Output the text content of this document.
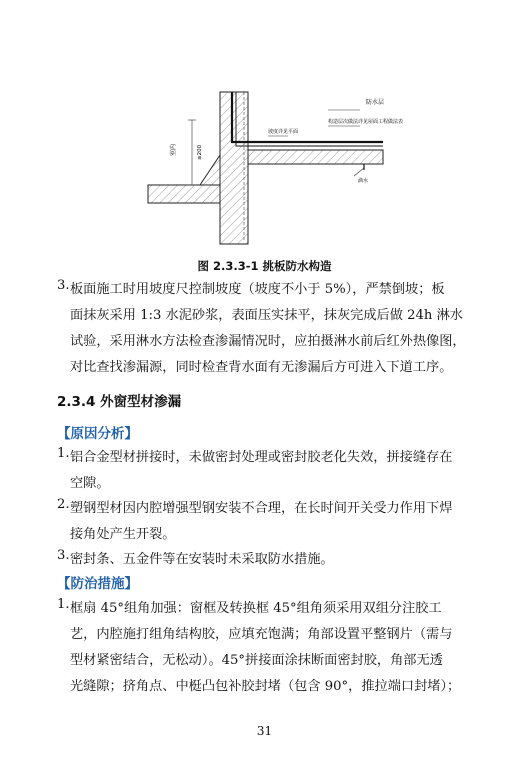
防水层
构造层次做法详见屋面工程做法表
坡度详见平面
滴水
≥200
室内
图 2.3.3-1 挑板防水构造
3. 板面施工时用坡度尺控制坡度（坡度不小于 5%），严禁倒坡；板
面抹灰采用 1:3 水泥砂浆，表面压实抹平，抹灰完成后做 24h 淋水
试验，采用淋水方法检查渗漏情况时，应拍摄淋水前后红外热像图，
对比查找渗漏源，同时检查背水面有无渗漏后方可进入下道工序。
2.3.4 外窗型材渗漏
【原因分析】
1. 铝合金型材拼接时，未做密封处理或密封胶老化失效，拼接缝存在
空隙。
2. 塑钢型材因内腔增强型钢安装不合理，在长时间开关受力作用下焊
接角处产生开裂。
3. 密封条、五金件等在安装时未采取防水措施。
【防治措施】
1. 框扇 45°组角加强：窗框及转换框 45°组角须采用双组分注胶工
艺，内腔施打组角结构胶，应填充饱满；角部设置平整钢片（需与
型材紧密结合，无松动）。45°拼接面涂抹断面密封胶，角部无透
光缝隙；挤角点、中梃凸包补胶封堵（包含 90°，推拉端口封堵）；
31
